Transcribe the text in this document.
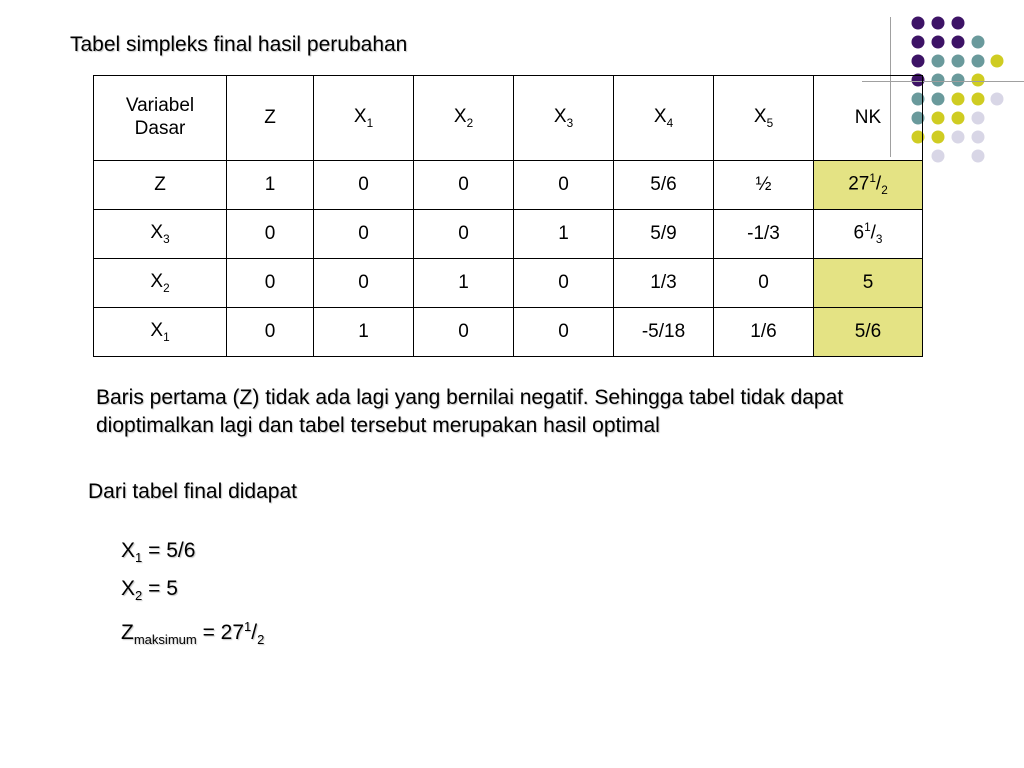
Tabel simpleks final hasil perubahan
Variabel
Dasar	Z	$X_1$	$X_2$	$X_3$	$X_4$	$X_5$	NK
Z	1	0	0	0	5/6	½	$27^1/_2$
$X_3$	0	0	0	1	5/9	-1/3	$6^1/_3$
$X_2$	0	0	1	0	1/3	0	5
$X_1$	0	1	0	0	-5/18	1/6	5/6
Baris pertama (Z) tidak ada lagi yang bernilai negatif. Sehingga tabel tidak dapat dioptimalkan lagi dan tabel tersebut merupakan hasil optimal
Dari tabel final didapat
$X_1 = 5/6$
$X_2 = 5$
$Z_{maksimum} = 27^1/_2$
